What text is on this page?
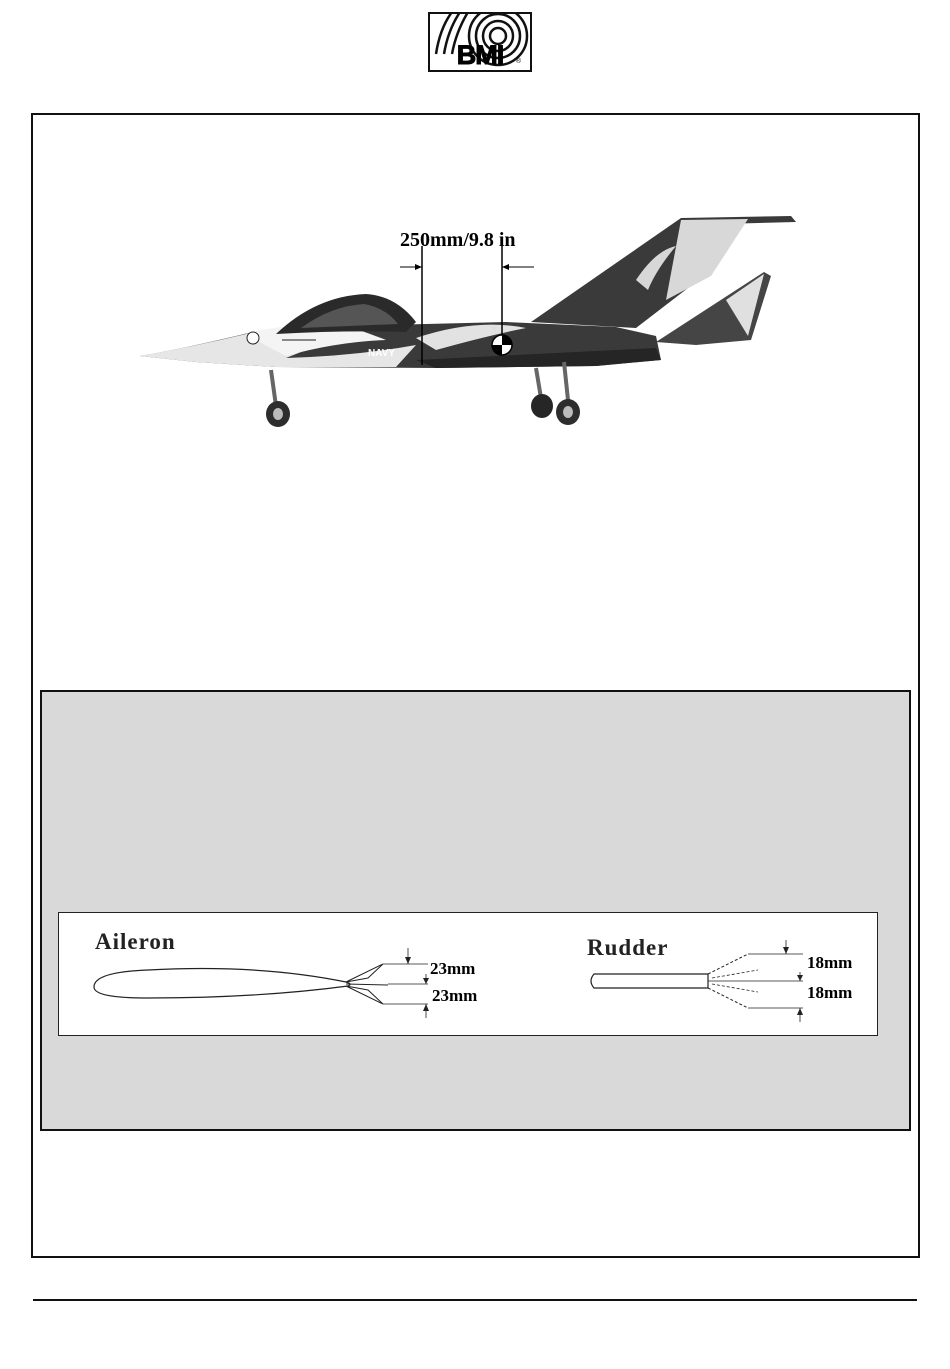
BMI	®
NAVY
★
250mm/9.8 in
Aileron
23mm
23mm
Rudder
18mm
18mm
